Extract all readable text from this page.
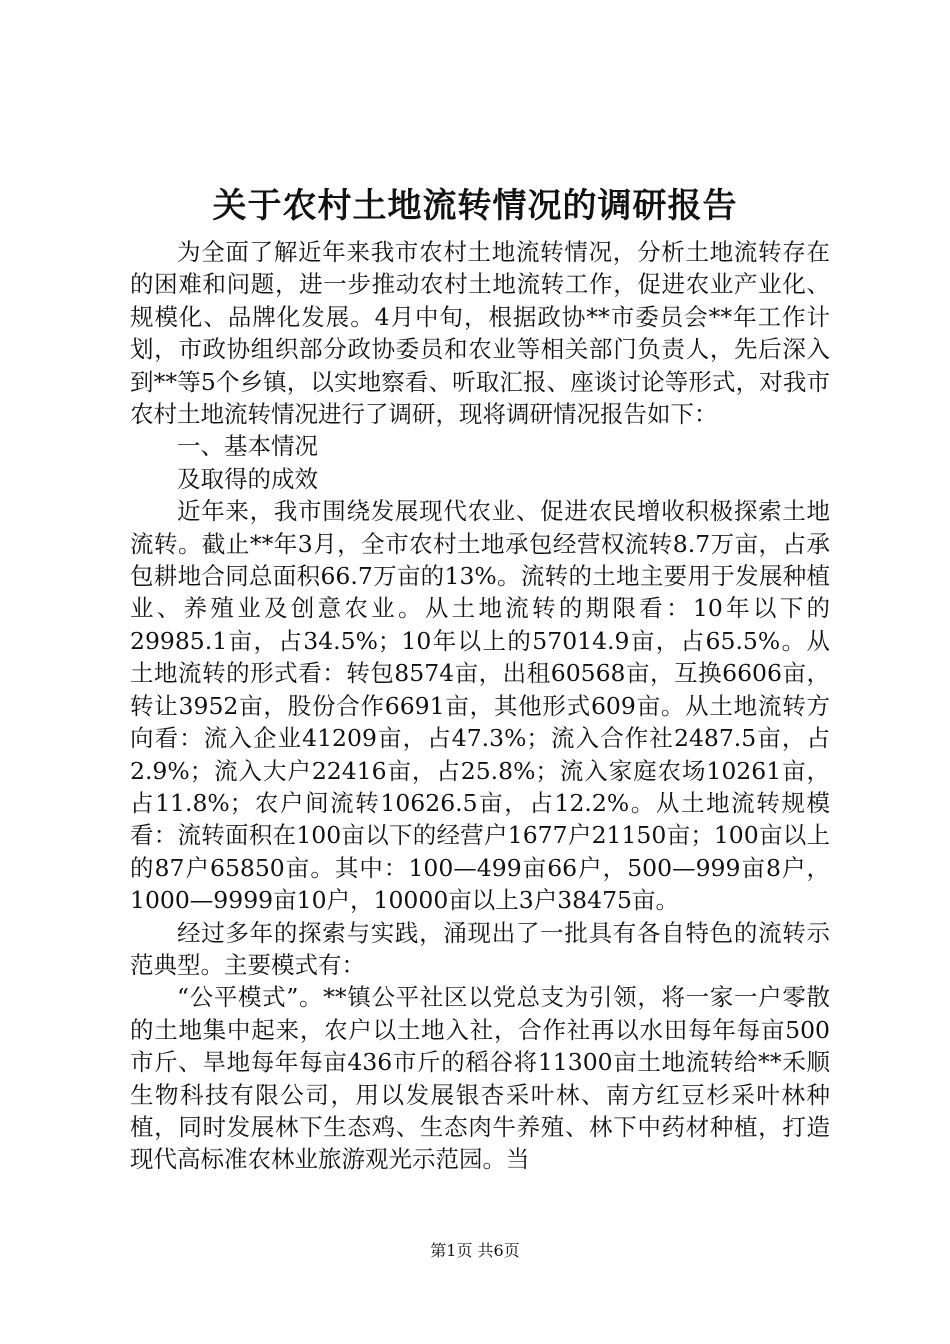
关于农村土地流转情况的调研报告

为全面了解近年来我市农村土地流转情况，分析土地流转存在的困难和问题，进一步推动农村土地流转工作，促进农业产业化、规模化、品牌化发展。4月中旬，根据政协**市委员会**年工作计划，市政协组织部分政协委员和农业等相关部门负责人，先后深入到**等5个乡镇，以实地察看、听取汇报、座谈讨论等形式，对我市农村土地流转情况进行了调研，现将调研情况报告如下：

一、基本情况

及取得的成效

近年来，我市围绕发展现代农业、促进农民增收积极探索土地流转。截止**年3月，全市农村土地承包经营权流转8.7万亩，占承包耕地合同总面积66.7万亩的13%。流转的土地主要用于发展种植业、养殖业及创意农业。从土地流转的期限看：10年以下的29985.1亩，占34.5%；10年以上的57014.9亩，占65.5%。从土地流转的形式看：转包8574亩，出租60568亩，互换6606亩，转让3952亩，股份合作6691亩，其他形式609亩。从土地流转方向看：流入企业41209亩，占47.3%；流入合作社2487.5亩，占2.9%；流入大户22416亩，占25.8%；流入家庭农场10261亩，占11.8%；农户间流转10626.5亩，占12.2%。从土地流转规模看：流转面积在100亩以下的经营户1677户21150亩；100亩以上的87户65850亩。其中：100—499亩66户，500—999亩8户，1000—9999亩10户，10000亩以上3户38475亩。

经过多年的探索与实践，涌现出了一批具有各自特色的流转示范典型。主要模式有：

“公平模式”。**镇公平社区以党总支为引领，将一家一户零散的土地集中起来，农户以土地入社，合作社再以水田每年每亩500市斤、旱地每年每亩436市斤的稻谷将11300亩土地流转给**禾顺生物科技有限公司，用以发展银杏采叶林、南方红豆杉采叶林种植，同时发展林下生态鸡、生态肉牛养殖、林下中药材种植，打造现代高标准农林业旅游观光示范园。当

第1页 共6页
